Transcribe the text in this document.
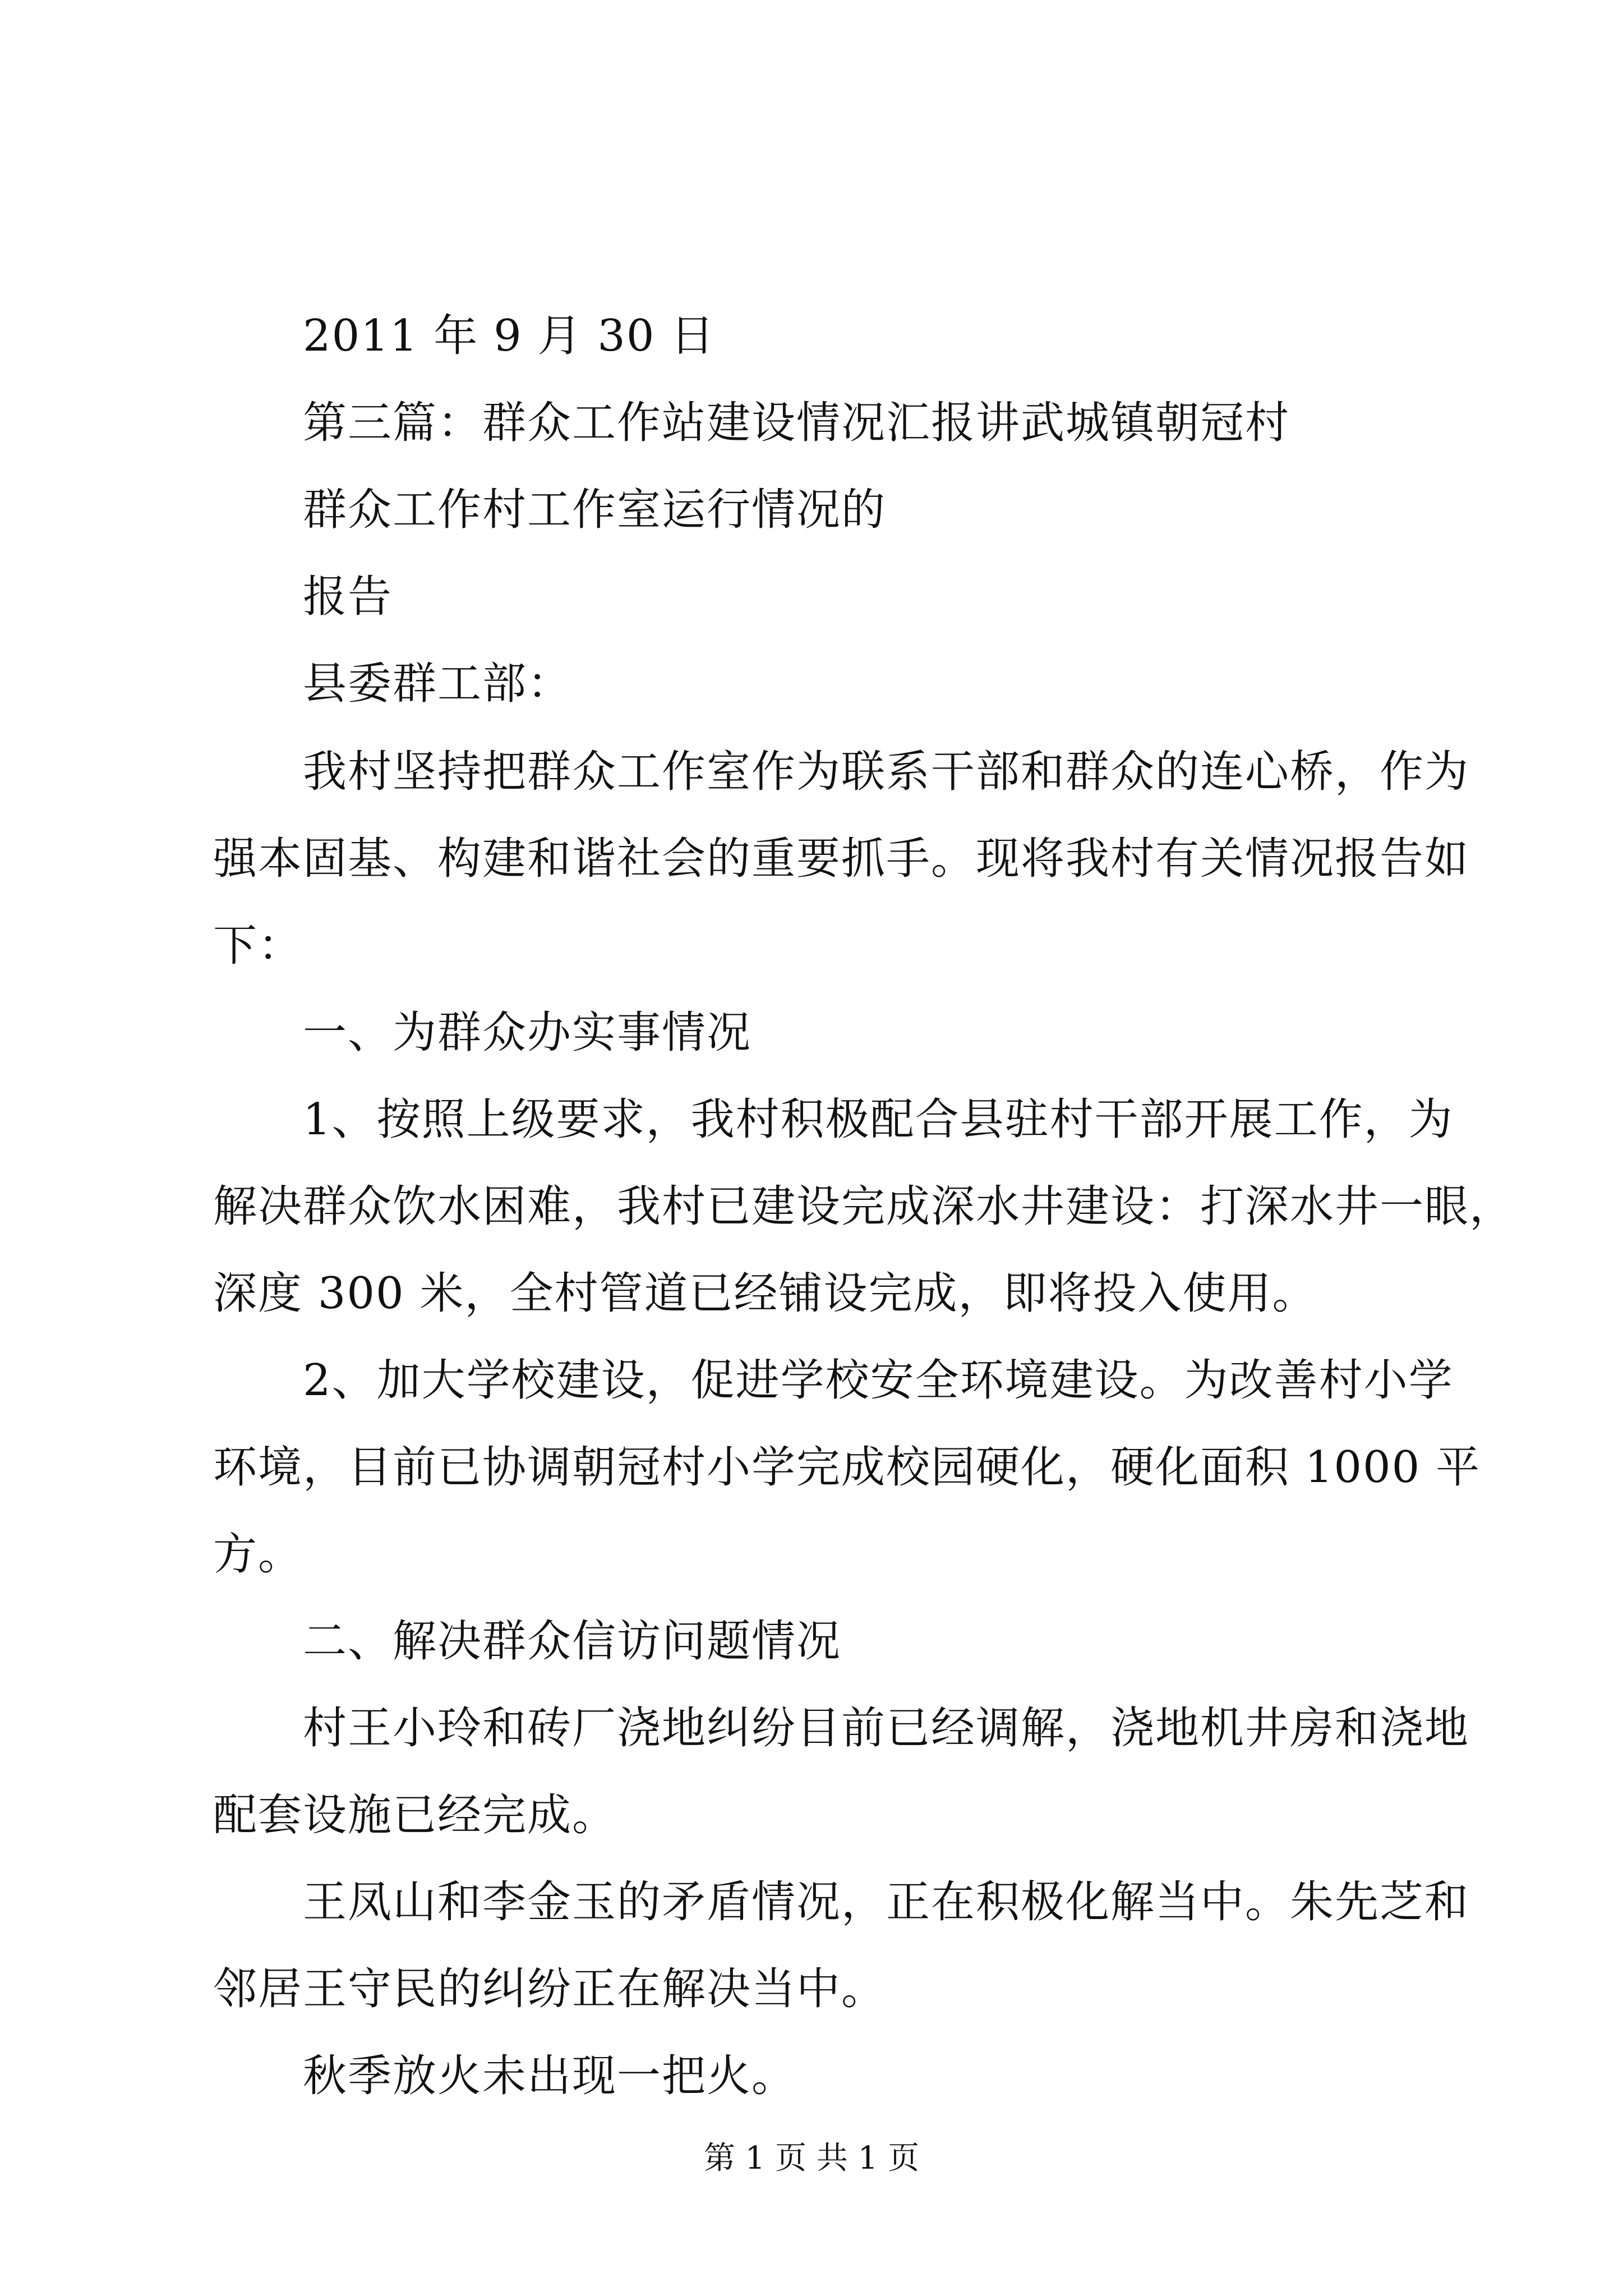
2011 年 9 月 30 日
第三篇：群众工作站建设情况汇报讲武城镇朝冠村
群众工作村工作室运行情况的
报告
县委群工部：
我村坚持把群众工作室作为联系干部和群众的连心桥，作为
强本固基、构建和谐社会的重要抓手。现将我村有关情况报告如
下：
一、为群众办实事情况
1、按照上级要求，我村积极配合县驻村干部开展工作，为
解决群众饮水困难，我村已建设完成深水井建设：打深水井一眼，
深度 300 米，全村管道已经铺设完成，即将投入使用。
2、加大学校建设，促进学校安全环境建设。为改善村小学
环境，目前已协调朝冠村小学完成校园硬化，硬化面积 1000 平
方。
二、解决群众信访问题情况
村王小玲和砖厂浇地纠纷目前已经调解，浇地机井房和浇地
配套设施已经完成。
王凤山和李金玉的矛盾情况，正在积极化解当中。朱先芝和
邻居王守民的纠纷正在解决当中。
秋季放火未出现一把火。
第 1 页 共 1 页
